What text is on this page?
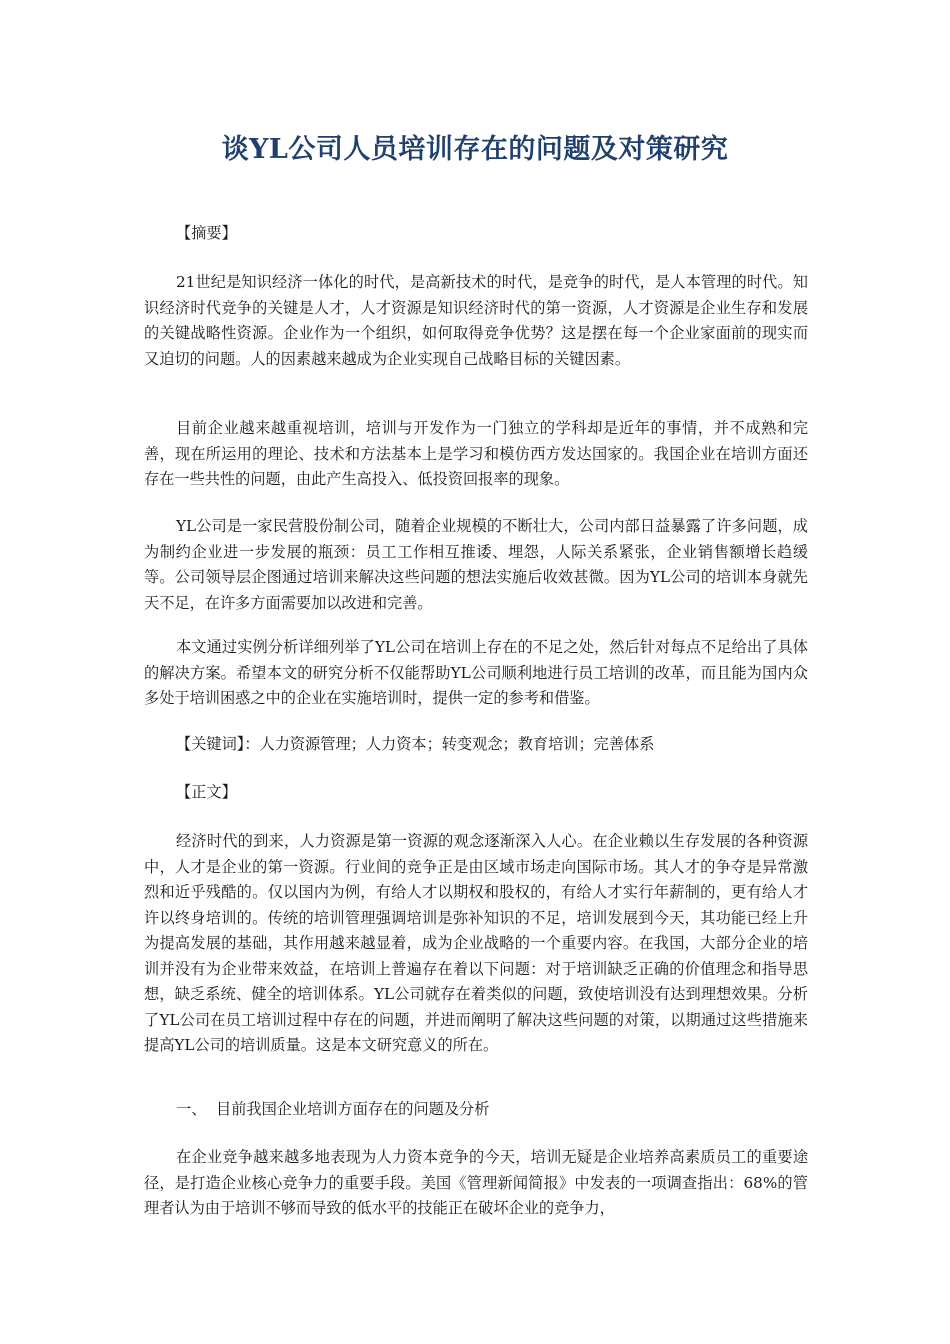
谈YL公司人员培训存在的问题及对策研究

【摘要】

21世纪是知识经济一体化的时代，是高新技术的时代，是竞争的时代，是人本管理的时代。知识经济时代竞争的关键是人才，人才资源是知识经济时代的第一资源，人才资源是企业生存和发展的关键战略性资源。企业作为一个组织，如何取得竞争优势？这是摆在每一个企业家面前的现实而又迫切的问题。人的因素越来越成为企业实现自己战略目标的关键因素。

目前企业越来越重视培训，培训与开发作为一门独立的学科却是近年的事情，并不成熟和完善，现在所运用的理论、技术和方法基本上是学习和模仿西方发达国家的。我国企业在培训方面还存在一些共性的问题，由此产生高投入、低投资回报率的现象。

YL公司是一家民营股份制公司，随着企业规模的不断壮大，公司内部日益暴露了许多问题，成为制约企业进一步发展的瓶颈：员工工作相互推诿、埋怨，人际关系紧张，企业销售额增长趋缓等。公司领导层企图通过培训来解决这些问题的想法实施后收效甚微。因为YL公司的培训本身就先天不足，在许多方面需要加以改进和完善。

本文通过实例分析详细列举了YL公司在培训上存在的不足之处，然后针对每点不足给出了具体的解决方案。希望本文的研究分析不仅能帮助YL公司顺利地进行员工培训的改革，而且能为国内众多处于培训困惑之中的企业在实施培训时，提供一定的参考和借鉴。

【关键词】：人力资源管理；人力资本；转变观念；教育培训；完善体系

【正文】

经济时代的到来，人力资源是第一资源的观念逐渐深入人心。在企业赖以生存发展的各种资源中，人才是企业的第一资源。行业间的竞争正是由区域市场走向国际市场。其人才的争夺是异常激烈和近乎残酷的。仅以国内为例，有给人才以期权和股权的，有给人才实行年薪制的，更有给人才许以终身培训的。传统的培训管理强调培训是弥补知识的不足，培训发展到今天，其功能已经上升为提高发展的基础，其作用越来越显着，成为企业战略的一个重要内容。在我国，大部分企业的培训并没有为企业带来效益，在培训上普遍存在着以下问题：对于培训缺乏正确的价值理念和指导思想，缺乏系统、健全的培训体系。YL公司就存在着类似的问题，致使培训没有达到理想效果。分析了YL公司在员工培训过程中存在的问题，并进而阐明了解决这些问题的对策，以期通过这些措施来提高YL公司的培训质量。这是本文研究意义的所在。

一、 目前我国企业培训方面存在的问题及分析

在企业竞争越来越多地表现为人力资本竞争的今天，培训无疑是企业培养高素质员工的重要途径，是打造企业核心竞争力的重要手段。美国《管理新闻简报》中发表的一项调查指出：68%的管理者认为由于培训不够而导致的低水平的技能正在破坏企业的竞争力，
